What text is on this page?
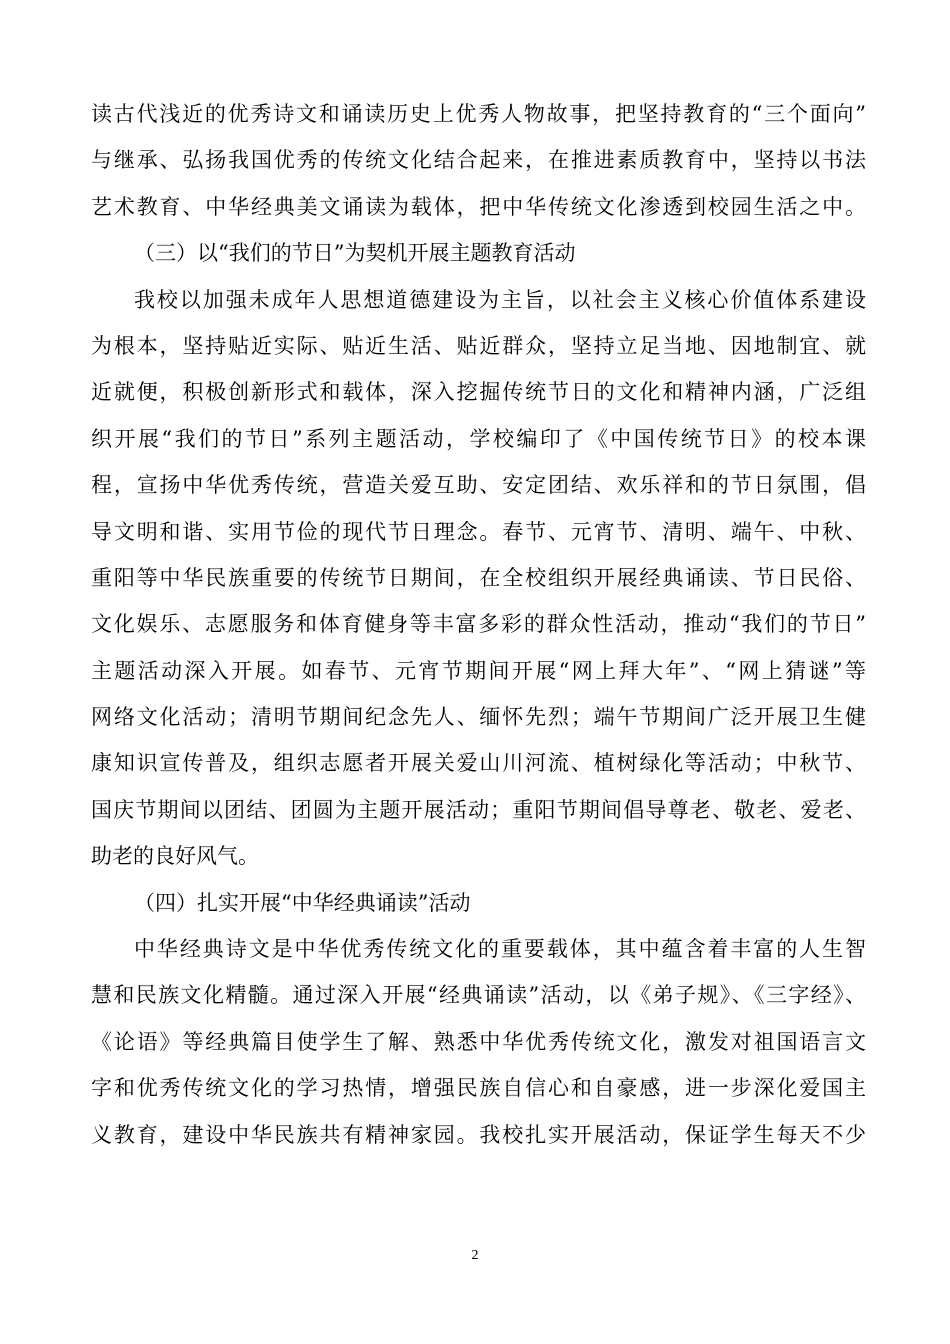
读古代浅近的优秀诗文和诵读历史上优秀人物故事，把坚持教育的“三个面向”
与继承、弘扬我国优秀的传统文化结合起来，在推进素质教育中，坚持以书法
艺术教育、中华经典美文诵读为载体，把中华传统文化渗透到校园生活之中。
（三）以“我们的节日”为契机开展主题教育活动
我校以加强未成年人思想道德建设为主旨，以社会主义核心价值体系建设
为根本，坚持贴近实际、贴近生活、贴近群众，坚持立足当地、因地制宜、就
近就便，积极创新形式和载体，深入挖掘传统节日的文化和精神内涵，广泛组
织开展“我们的节日”系列主题活动，学校编印了《中国传统节日》的校本课
程，宣扬中华优秀传统，营造关爱互助、安定团结、欢乐祥和的节日氛围，倡
导文明和谐、实用节俭的现代节日理念。春节、元宵节、清明、端午、中秋、
重阳等中华民族重要的传统节日期间，在全校组织开展经典诵读、节日民俗、
文化娱乐、志愿服务和体育健身等丰富多彩的群众性活动，推动“我们的节日”
主题活动深入开展。如春节、元宵节期间开展“网上拜大年”、“网上猜谜”等
网络文化活动；清明节期间纪念先人、缅怀先烈；端午节期间广泛开展卫生健
康知识宣传普及，组织志愿者开展关爱山川河流、植树绿化等活动；中秋节、
国庆节期间以团结、团圆为主题开展活动；重阳节期间倡导尊老、敬老、爱老、
助老的良好风气。
（四）扎实开展“中华经典诵读”活动
中华经典诗文是中华优秀传统文化的重要载体，其中蕴含着丰富的人生智
慧和民族文化精髓。通过深入开展“经典诵读”活动，以《弟子规》、《三字经》、
《论语》等经典篇目使学生了解、熟悉中华优秀传统文化，激发对祖国语言文
字和优秀传统文化的学习热情，增强民族自信心和自豪感，进一步深化爱国主
义教育，建设中华民族共有精神家园。我校扎实开展活动，保证学生每天不少
2
